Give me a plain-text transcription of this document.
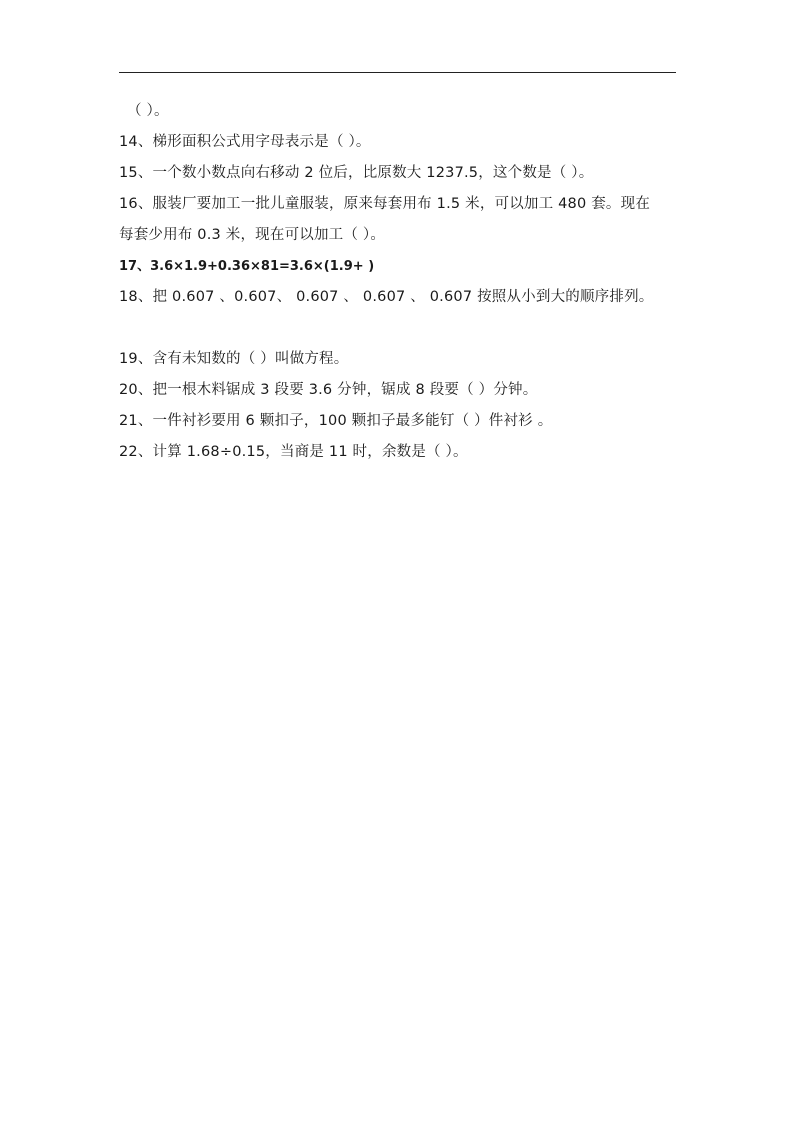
（ ）。
14、梯形面积公式用字母表示是（ ）。
15、一个数小数点向右移动 2 位后，比原数大 1237.5，这个数是（ ）。
16、服装厂要加工一批儿童服装，原来每套用布 1.5 米，可以加工 480 套。现在
每套少用布 0.3 米，现在可以加工（ ）。
17、3.6×1.9+0.36×81=3.6×(1.9+ )
18、把 0.607 、0.607、 0.607 、 0.607 、 0.607 按照从小到大的顺序排列。
19、含有未知数的（ ）叫做方程。
20、把一根木料锯成 3 段要 3.6 分钟，锯成 8 段要（ ）分钟。
21、一件衬衫要用 6 颗扣子，100 颗扣子最多能钉（ ）件衬衫 。
22、计算 1.68÷0.15，当商是 11 时，余数是（ ）。
